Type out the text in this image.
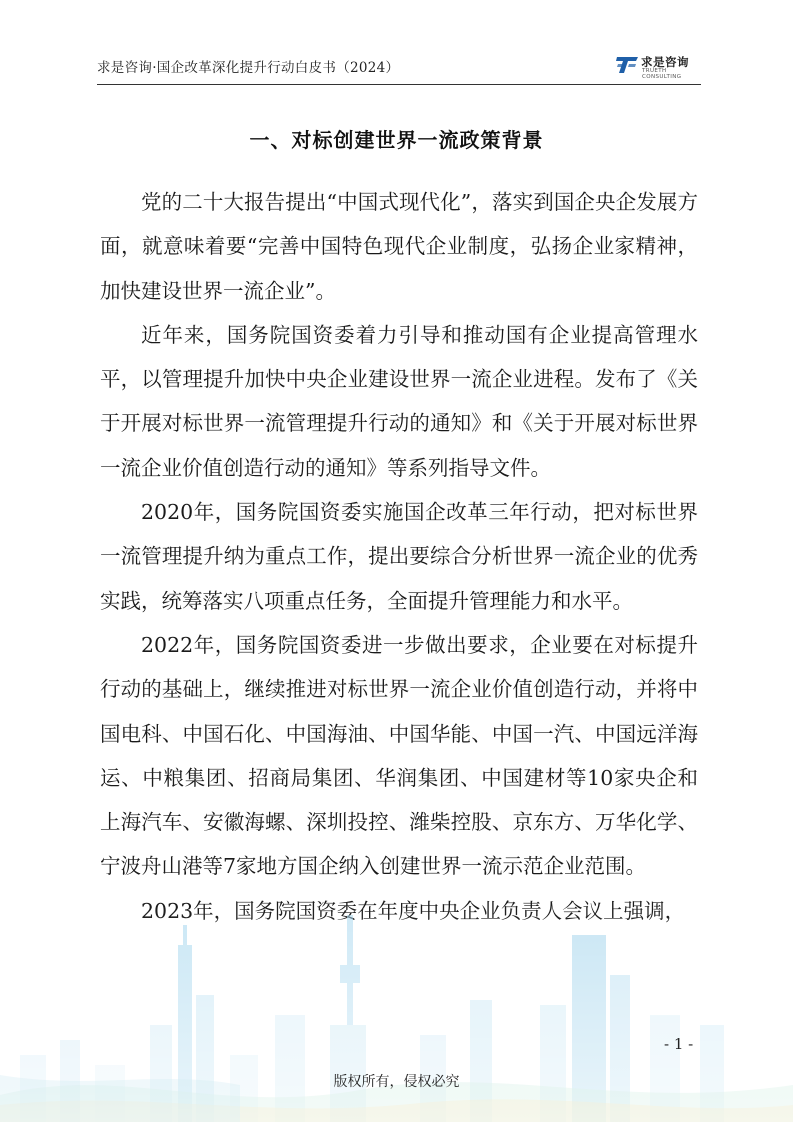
求是咨询·国企改革深化提升行动白皮书（2024）	求是咨询
TRUETH CONSULTING
一、对标创建世界一流政策背景

党的二十大报告提出“中国式现代化”，落实到国企央企发展方面，就意味着要“完善中国特色现代企业制度，弘扬企业家精神，加快建设世界一流企业”。

近年来，国务院国资委着力引导和推动国有企业提高管理水平，以管理提升加快中央企业建设世界一流企业进程。发布了《关于开展对标世界一流管理提升行动的通知》和《关于开展对标世界一流企业价值创造行动的通知》等系列指导文件。

2020年，国务院国资委实施国企改革三年行动，把对标世界一流管理提升纳为重点工作，提出要综合分析世界一流企业的优秀实践，统筹落实八项重点任务，全面提升管理能力和水平。

2022年，国务院国资委进一步做出要求，企业要在对标提升行动的基础上，继续推进对标世界一流企业价值创造行动，并将中国电科、中国石化、中国海油、中国华能、中国一汽、中国远洋海运、中粮集团、招商局集团、华润集团、中国建材等10家央企和上海汽车、安徽海螺、深圳投控、潍柴控股、京东方、万华化学、宁波舟山港等7家地方国企纳入创建世界一流示范企业范围。

- 1 -
版权所有，侵权必究
